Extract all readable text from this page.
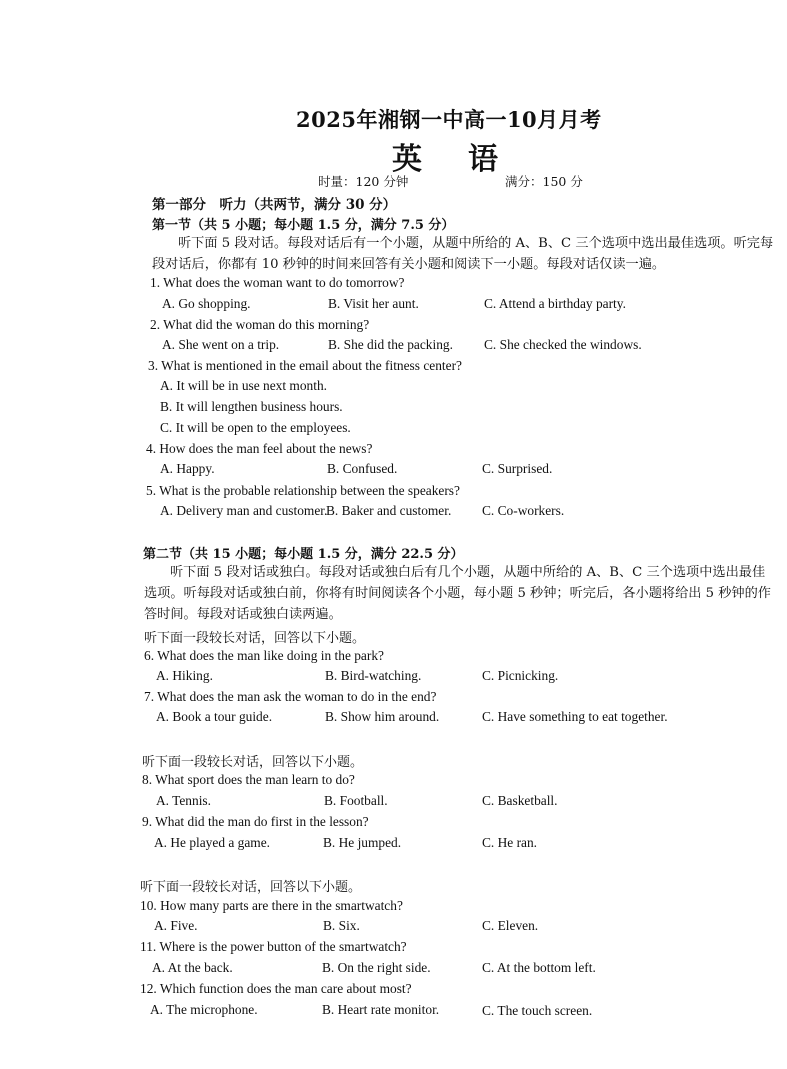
2025年湘钢一中高一10月月考
英语
时量：120 分钟	满分：150 分
第一部分　听力（共两节，满分 30 分）
第一节（共 5 小题；每小题 1.5 分，满分 7.5 分）
听下面 5 段对话。每段对话后有一个小题，从题中所给的 A、B、C 三个选项中选出最佳选项。听完每段对话后，你都有 10 秒钟的时间来回答有关小题和阅读下一小题。每段对话仅读一遍。
1. What does the woman want to do tomorrow?
A. Go shopping.	B. Visit her aunt.	C. Attend a birthday party.
2. What did the woman do this morning?
A. She went on a trip.	B. She did the packing. C. She checked the windows.
3. What is mentioned in the email about the fitness center?
A. It will be in use next month.
B. It will lengthen business hours.
C. It will be open to the employees.
4. How does the man feel about the news?
A. Happy.	B. Confused.	C. Surprised.
5. What is the probable relationship between the speakers?
A. Delivery man and customer.
B. Baker and customer. C. Co-workers.
第二节（共 15 小题；每小题 1.5 分，满分 22.5 分）
听下面 5 段对话或独白。每段对话或独白后有几个小题，从题中所给的 A、B、C 三个选项中选出最佳选项。听每段对话或独白前，你将有时间阅读各个小题，每小题 5 秒钟；听完后，各小题将给出 5 秒钟的作答时间。每段对话或独白读两遍。
听下面一段较长对话，回答以下小题。
6. What does the man like doing in the park?
A. Hiking.	B. Bird-watching.	C. Picnicking.
7. What does the man ask the woman to do in the end?
A. Book a tour guide.	B. Show him around.	C. Have something to eat together.
听下面一段较长对话，回答以下小题。
8. What sport does the man learn to do?
A. Tennis.	B. Football.	C. Basketball.
9. What did the man do first in the lesson?
A. He played a game.	B. He jumped.	C. He ran.
听下面一段较长对话，回答以下小题。
10. How many parts are there in the smartwatch?
A. Five.	B. Six.	C. Eleven.
11. Where is the power button of the smartwatch?
A. At the back.	B. On the right side.	C. At the bottom left.
12. Which function does the man care about most?
A. The microphone.	B. Heart rate monitor.	C. The touch screen.
